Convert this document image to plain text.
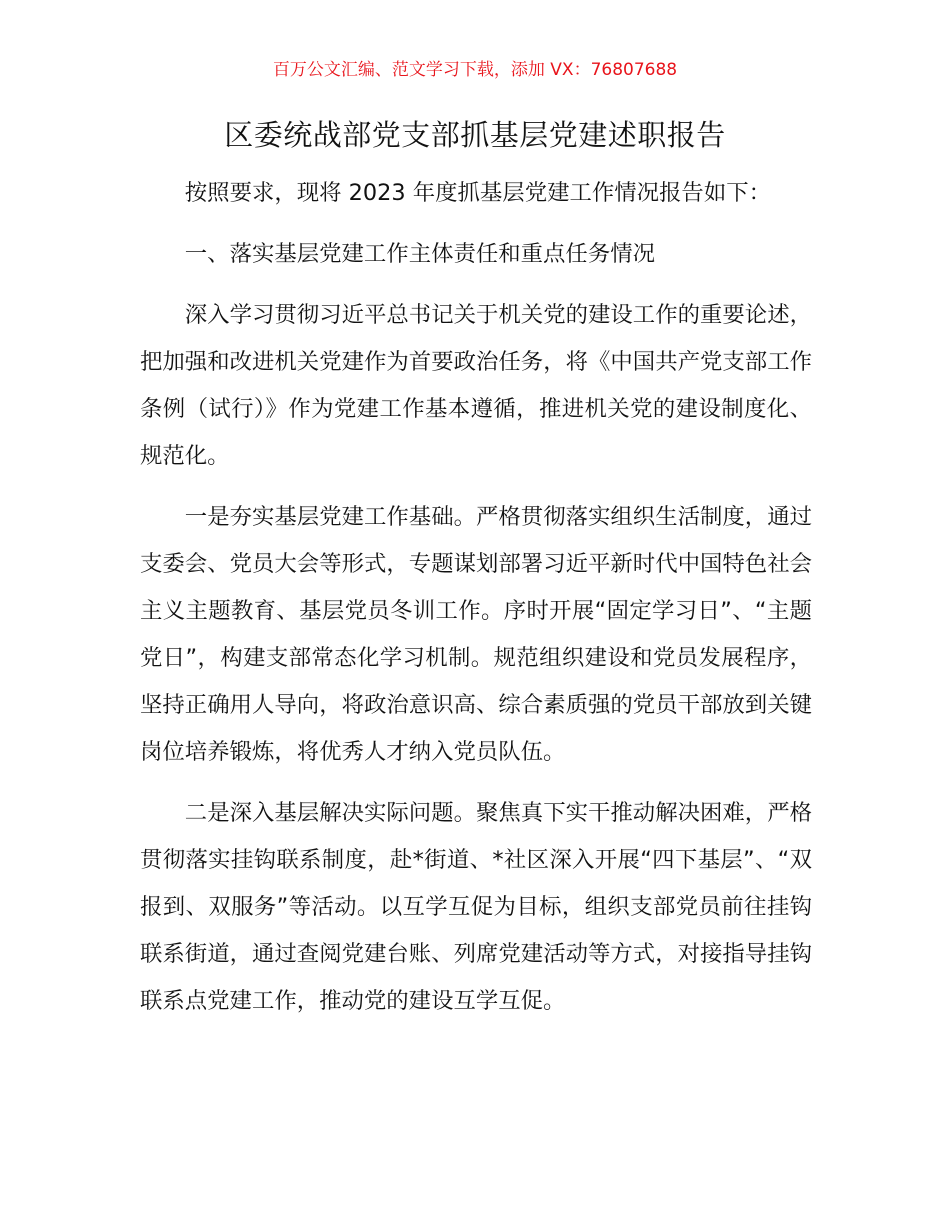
百万公文汇编、范文学习下载，添加 VX：76807688
区委统战部党支部抓基层党建述职报告

按照要求，现将 2023 年度抓基层党建工作情况报告如下：

一、落实基层党建工作主体责任和重点任务情况

深入学习贯彻习近平总书记关于机关党的建设工作的重要论述，把加强和改进机关党建作为首要政治任务，将《中国共产党支部工作条例（试行）》作为党建工作基本遵循，推进机关党的建设制度化、规范化。

一是夯实基层党建工作基础。严格贯彻落实组织生活制度，通过支委会、党员大会等形式，专题谋划部署习近平新时代中国特色社会主义主题教育、基层党员冬训工作。序时开展“固定学习日”、“主题党日”，构建支部常态化学习机制。规范组织建设和党员发展程序，坚持正确用人导向，将政治意识高、综合素质强的党员干部放到关键岗位培养锻炼，将优秀人才纳入党员队伍。

二是深入基层解决实际问题。聚焦真下实干推动解决困难，严格贯彻落实挂钩联系制度，赴*街道、*社区深入开展“四下基层”、“双报到、双服务”等活动。以互学互促为目标，组织支部党员前往挂钩联系街道，通过查阅党建台账、列席党建活动等方式，对接指导挂钩联系点党建工作，推动党的建设互学互促。
